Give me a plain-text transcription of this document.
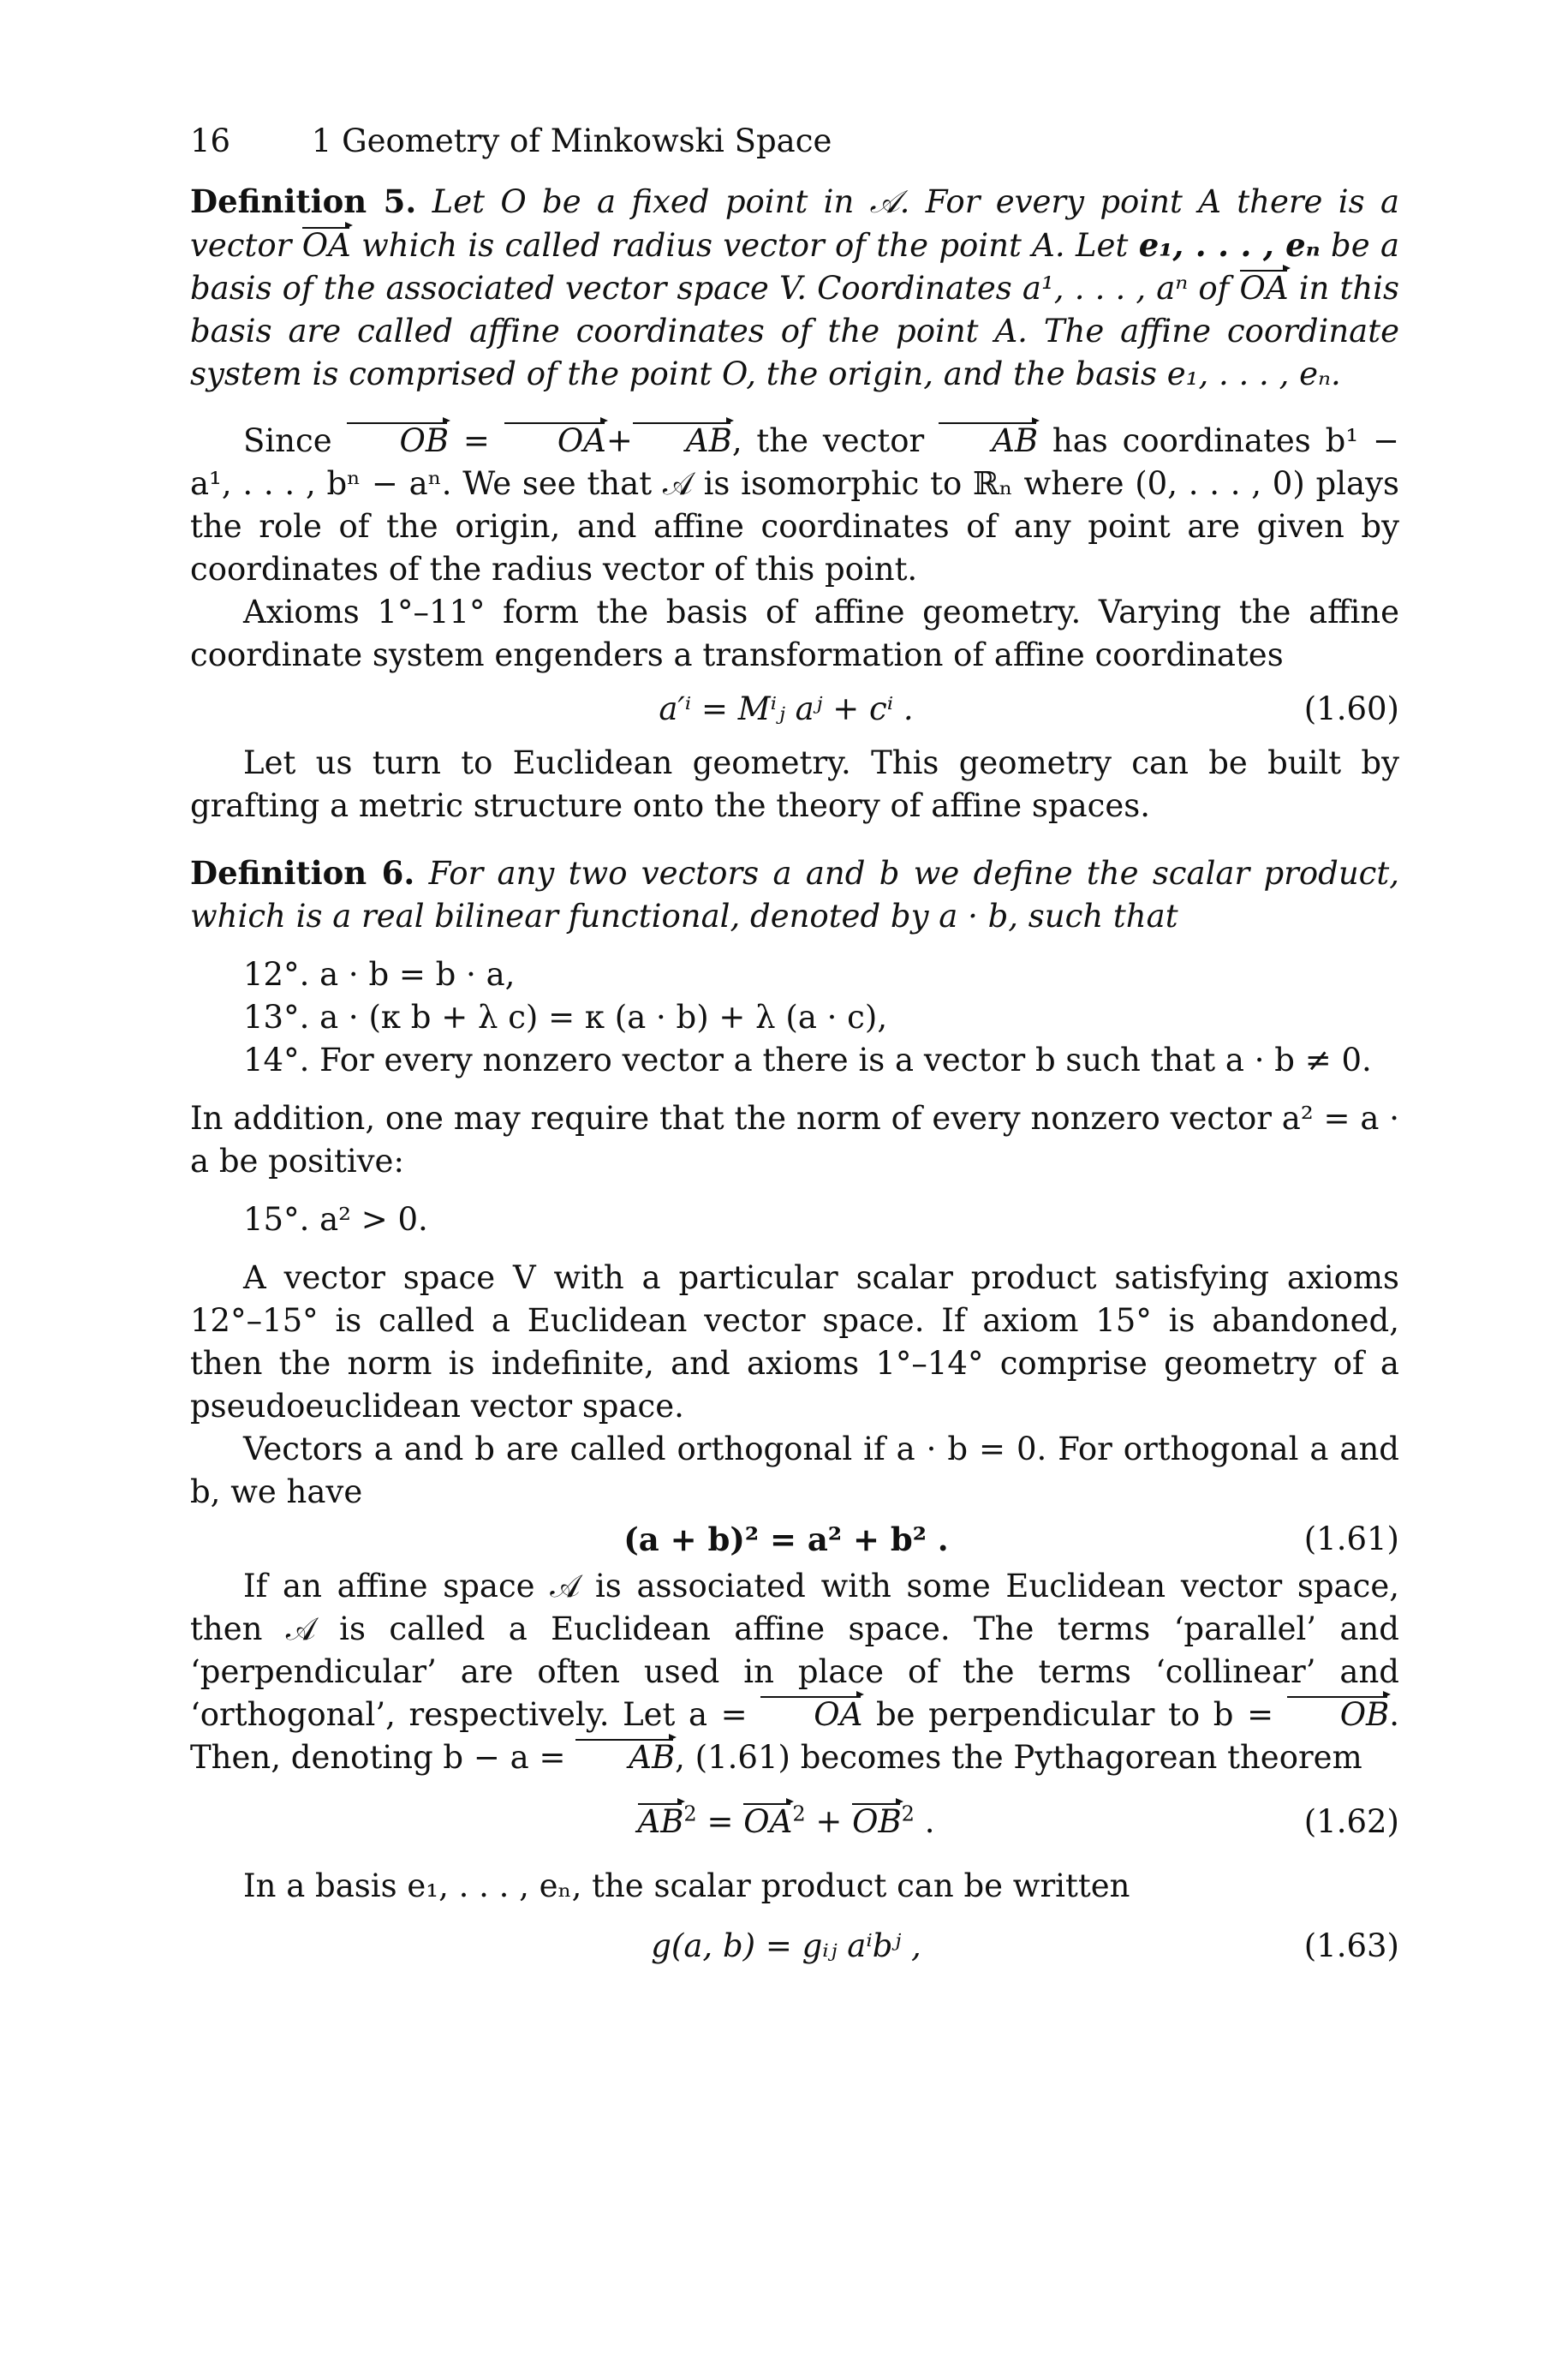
16	1 Geometry of Minkowski Space

Definition 5. Let O be a fixed point in 𝒜. For every point A there is a vector OA which is called radius vector of the point A. Let e₁, . . . , eₙ be a basis of the associated vector space V. Coordinates a¹, . . . , aⁿ of OA in this basis are called affine coordinates of the point A. The affine coordinate system is comprised of the point O, the origin, and the basis e₁, . . . , eₙ.

Since OB = OA+ AB, the vector AB has coordinates b¹ − a¹, . . . , bⁿ − aⁿ. We see that 𝒜 is isomorphic to ℝₙ where (0, . . . , 0) plays the role of the origin, and affine coordinates of any point are given by coordinates of the radius vector of this point.

Axioms 1°–11° form the basis of affine geometry. Varying the affine coordinate system engenders a transformation of affine coordinates

a′ⁱ = Mⁱⱼ aʲ + cⁱ .	(1.60)

Let us turn to Euclidean geometry. This geometry can be built by grafting a metric structure onto the theory of affine spaces.

Definition 6. For any two vectors a and b we define the scalar product, which is a real bilinear functional, denoted by a · b, such that

12°. a · b = b · a,

13°. a · (κ b + λ c) = κ (a · b) + λ (a · c),

14°. For every nonzero vector a there is a vector b such that a · b ≠ 0.

In addition, one may require that the norm of every nonzero vector a² = a · a be positive:

15°. a² > 0.

A vector space V with a particular scalar product satisfying axioms 12°–15° is called a Euclidean vector space. If axiom 15° is abandoned, then the norm is indefinite, and axioms 1°–14° comprise geometry of a pseudoeuclidean vector space.

Vectors a and b are called orthogonal if a · b = 0. For orthogonal a and b, we have

(a + b)² = a² + b² .	(1.61)

If an affine space 𝒜 is associated with some Euclidean vector space, then 𝒜 is called a Euclidean affine space. The terms ‘parallel’ and ‘perpendicular’ are often used in place of the terms ‘collinear’ and ‘orthogonal’, respectively. Let a = OA be perpendicular to b = OB. Then, denoting b − a = AB, (1.61) becomes the Pythagorean theorem

$AB^2 = OA^2 + OB^2$ .	(1.62)

In a basis e₁, . . . , eₙ, the scalar product can be written

g(a, b) = gᵢⱼ aⁱbʲ ,	(1.63)
